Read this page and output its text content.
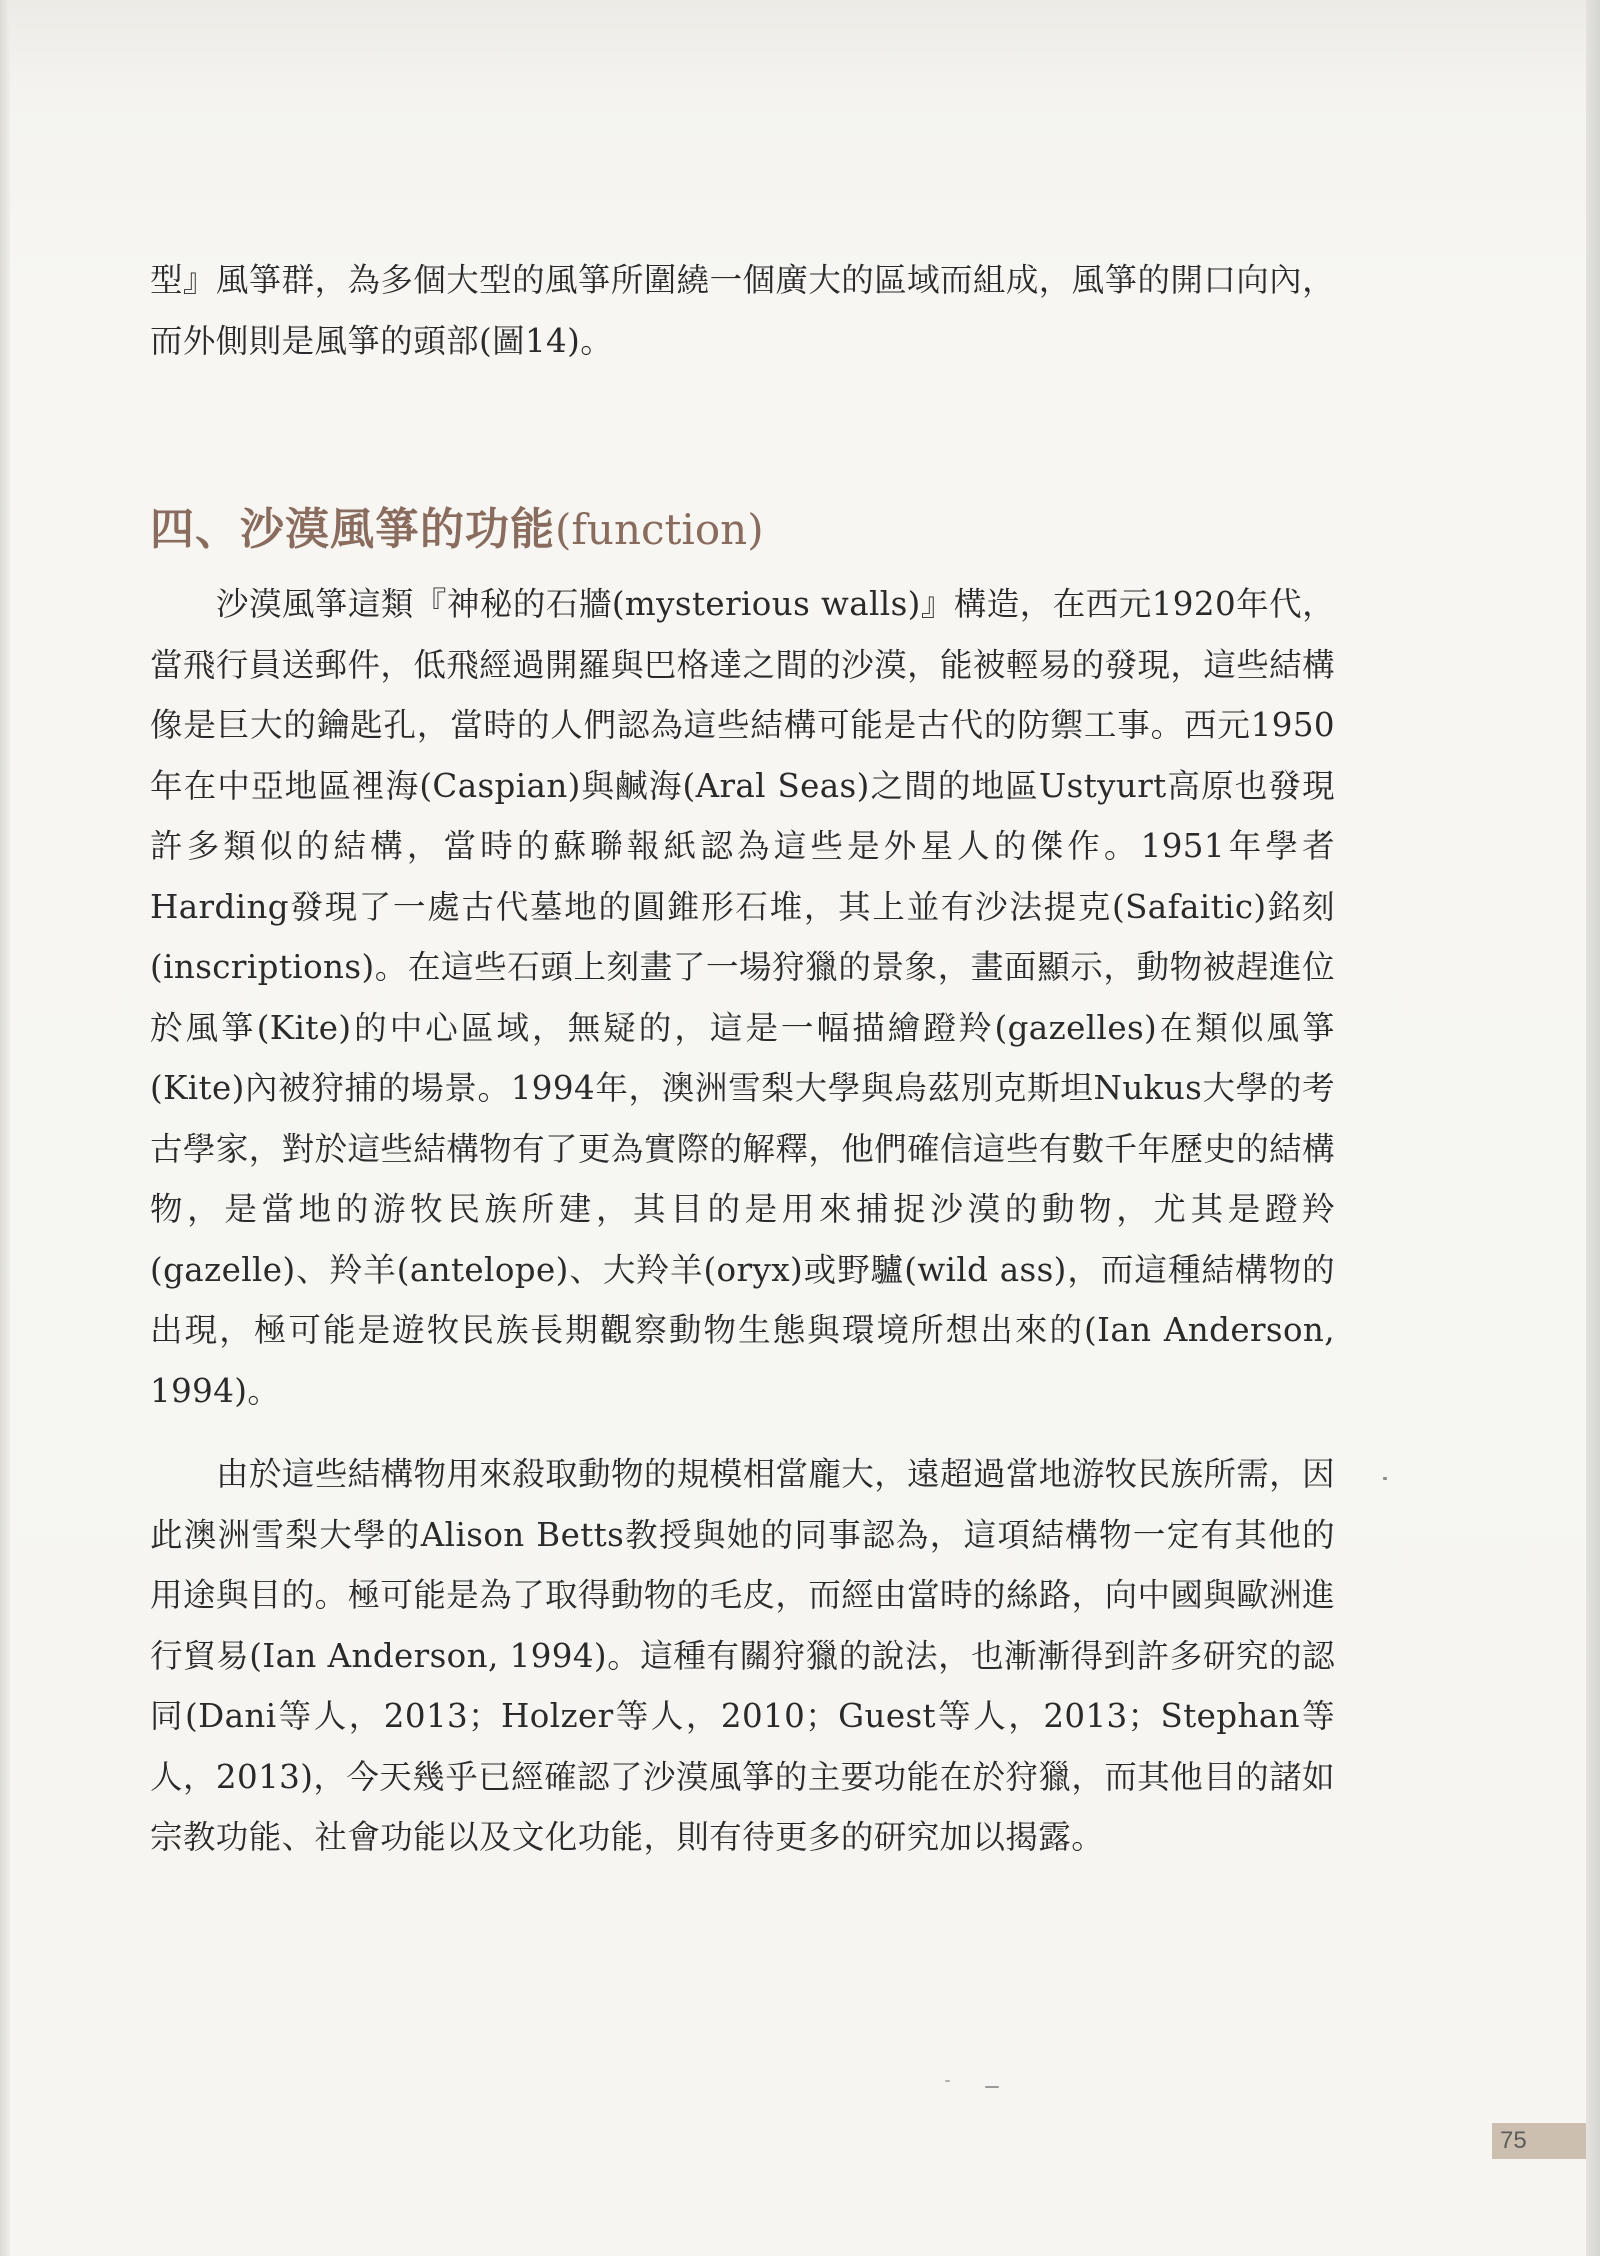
型』風箏群，為多個大型的風箏所圍繞一個廣大的區域而組成，風箏的開口向內，而外側則是風箏的頭部(圖14)。

四、沙漠風箏的功能(function)

沙漠風箏這類『神秘的石牆(mysterious walls)』構造，在西元1920年代，當飛行員送郵件，低飛經過開羅與巴格達之間的沙漠，能被輕易的發現，這些結構像是巨大的鑰匙孔，當時的人們認為這些結構可能是古代的防禦工事。西元1950年在中亞地區裡海(Caspian)與鹹海(Aral Seas)之間的地區Ustyurt高原也發現許多類似的結構，當時的蘇聯報紙認為這些是外星人的傑作。1951年學者Harding發現了一處古代墓地的圓錐形石堆，其上並有沙法提克(Safaitic)銘刻(inscriptions)。在這些石頭上刻畫了一場狩獵的景象，畫面顯示，動物被趕進位於風箏(Kite)的中心區域，無疑的，這是一幅描繪蹬羚(gazelles)在類似風箏(Kite)內被狩捕的場景。1994年，澳洲雪梨大學與烏茲別克斯坦Nukus大學的考古學家，對於這些結構物有了更為實際的解釋，他們確信這些有數千年歷史的結構物，是當地的游牧民族所建，其目的是用來捕捉沙漠的動物，尤其是蹬羚(gazelle)、羚羊(antelope)、大羚羊(oryx)或野驢(wild ass)，而這種結構物的出現，極可能是遊牧民族長期觀察動物生態與環境所想出來的(Ian Anderson, 1994)。

由於這些結構物用來殺取動物的規模相當龐大，遠超過當地游牧民族所需，因此澳洲雪梨大學的Alison Betts教授與她的同事認為，這項結構物一定有其他的用途與目的。極可能是為了取得動物的毛皮，而經由當時的絲路，向中國與歐洲進行貿易(Ian Anderson, 1994)。這種有關狩獵的說法，也漸漸得到許多研究的認同(Dani等人，2013；Holzer等人，2010；Guest等人，2013；Stephan等人，2013)，今天幾乎已經確認了沙漠風箏的主要功能在於狩獵，而其他目的諸如宗教功能、社會功能以及文化功能，則有待更多的研究加以揭露。

75
